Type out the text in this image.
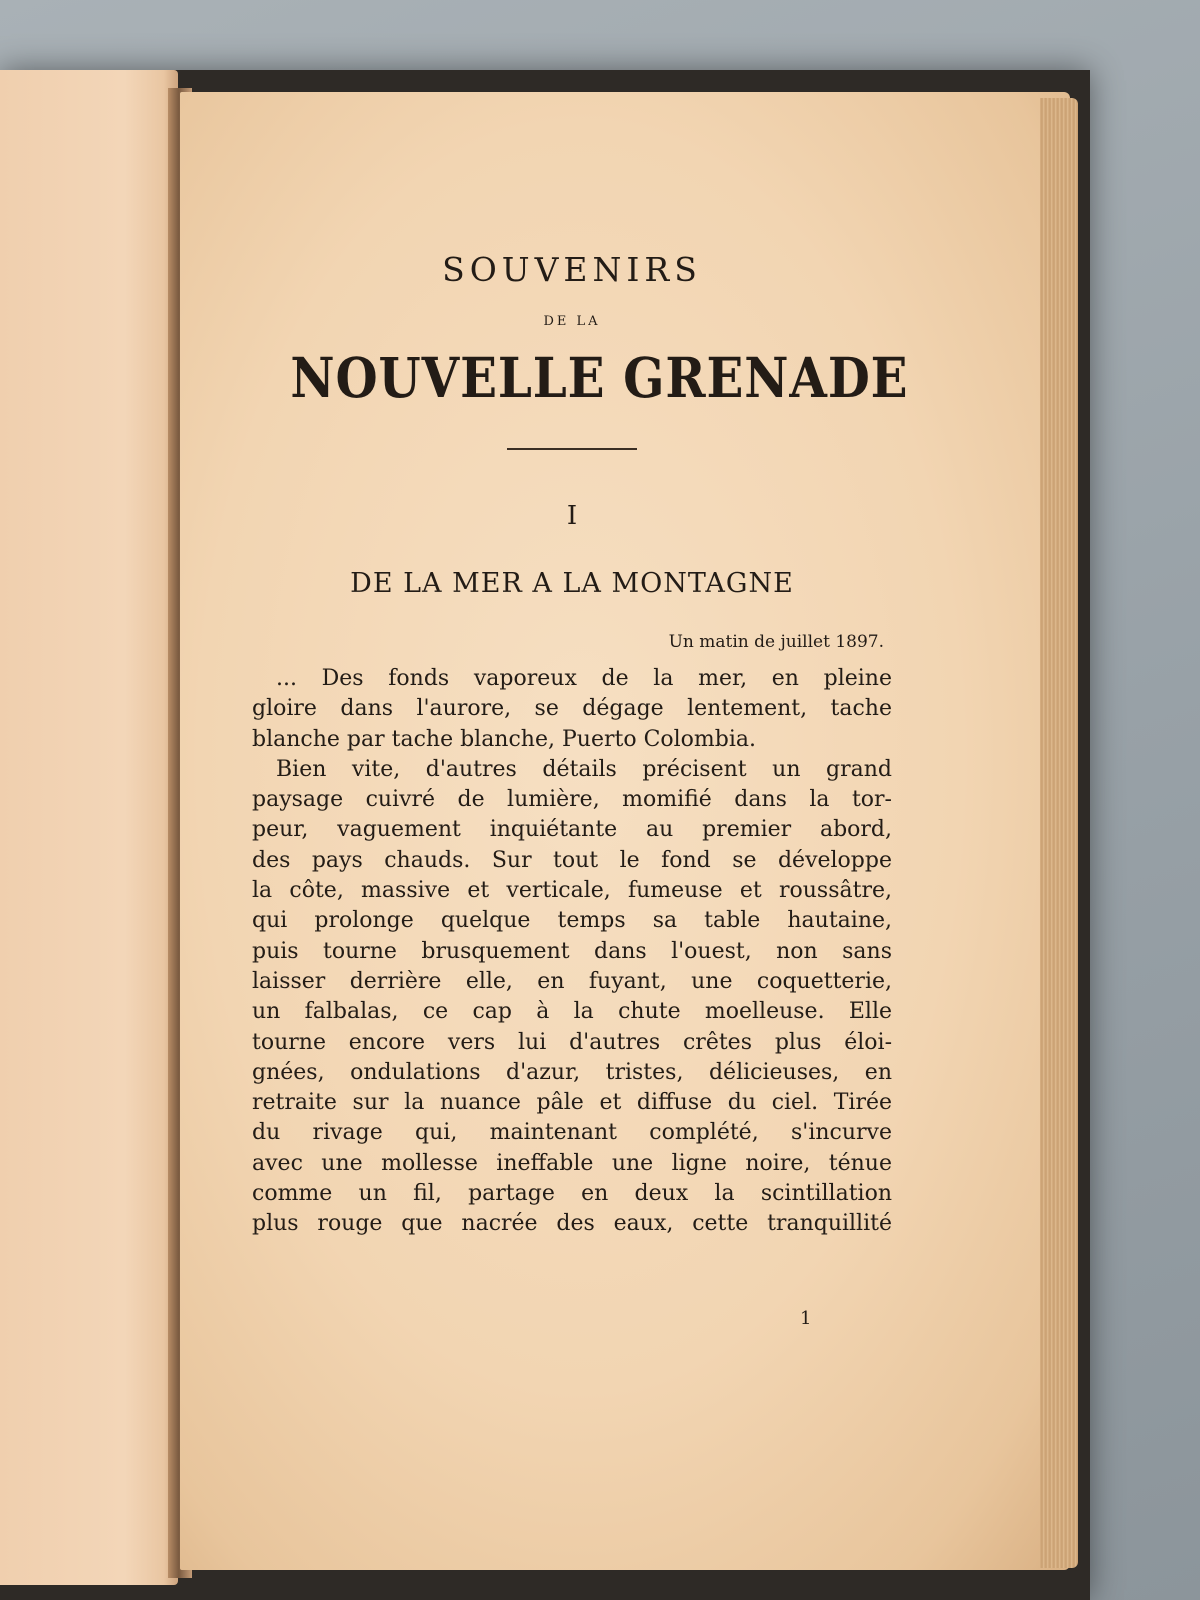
SOUVENIRS
DE LA
NOUVELLE GRENADE
I
DE LA MER A LA MONTAGNE
Un matin de juillet 1897.
... Des fonds vaporeux de la mer, en pleine
gloire dans l'aurore, se dégage lentement, tache
blanche par tache blanche, Puerto Colombia.
Bien vite, d'autres détails précisent un grand
paysage cuivré de lumière, momifié dans la tor-
peur, vaguement inquiétante au premier abord,
des pays chauds. Sur tout le fond se développe
la côte, massive et verticale, fumeuse et roussâtre,
qui prolonge quelque temps sa table hautaine,
puis tourne brusquement dans l'ouest, non sans
laisser derrière elle, en fuyant, une coquetterie,
un falbalas, ce cap à la chute moelleuse. Elle
tourne encore vers lui d'autres crêtes plus éloi-
gnées, ondulations d'azur, tristes, délicieuses, en
retraite sur la nuance pâle et diffuse du ciel. Tirée
du rivage qui, maintenant complété, s'incurve
avec une mollesse ineffable une ligne noire, ténue
comme un fil, partage en deux la scintillation
plus rouge que nacrée des eaux, cette tranquillité
1
